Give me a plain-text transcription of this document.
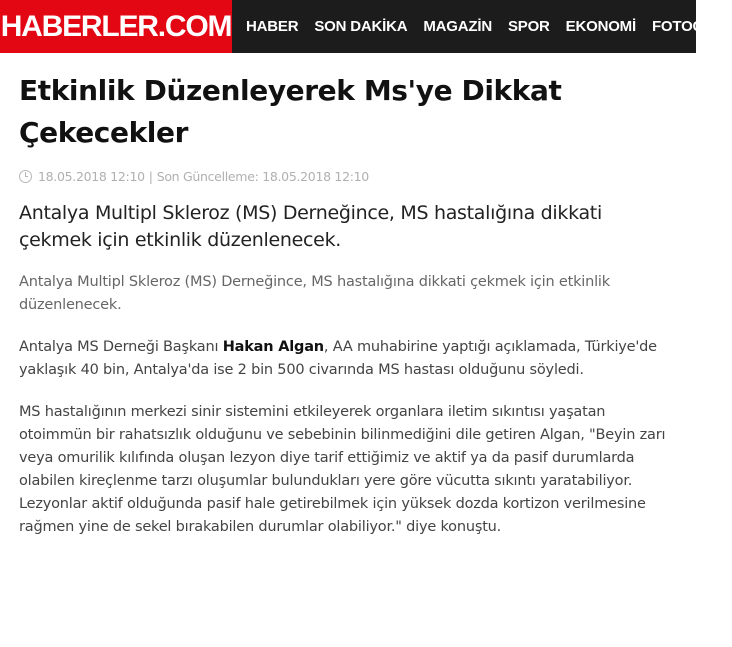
HABERLER.COM HABER	SON DAKİKA	MAGAZİN	SPOR	EKONOMİ	FOTOGAL
Etkinlik Düzenleyerek Ms'ye Dikkat Çekecekler
18.05.2018 12:10 | Son Güncelleme:
18.05.2018 12:10
Antalya Multipl Skleroz (MS) Derneğince, MS hastalığına dikkati çekmek için etkinlik düzenlenecek.
Antalya Multipl Skleroz (MS) Derneğince, MS hastalığına dikkati çekmek için etkinlik düzenlenecek.
Antalya MS Derneği Başkanı Hakan Algan, AA muhabirine yaptığı açıklamada, Türkiye'de yaklaşık 40 bin, Antalya'da ise 2 bin 500 civarında MS hastası olduğunu söyledi.
MS hastalığının merkezi sinir sistemini etkileyerek organlara iletim sıkıntısı yaşatan otoimmün bir rahatsızlık olduğunu ve sebebinin bilinmediğini dile getiren Algan, "Beyin zarı veya omurilik kılıfında oluşan lezyon diye tarif ettiğimiz ve aktif ya da pasif durumlarda olabilen kireçlenme tarzı oluşumlar bulundukları yere göre vücutta sıkıntı yaratabiliyor. Lezyonlar aktif olduğunda pasif hale getirebilmek için yüksek dozda kortizon verilmesine rağmen yine de sekel bırakabilen durumlar olabiliyor." diye konuştu.
